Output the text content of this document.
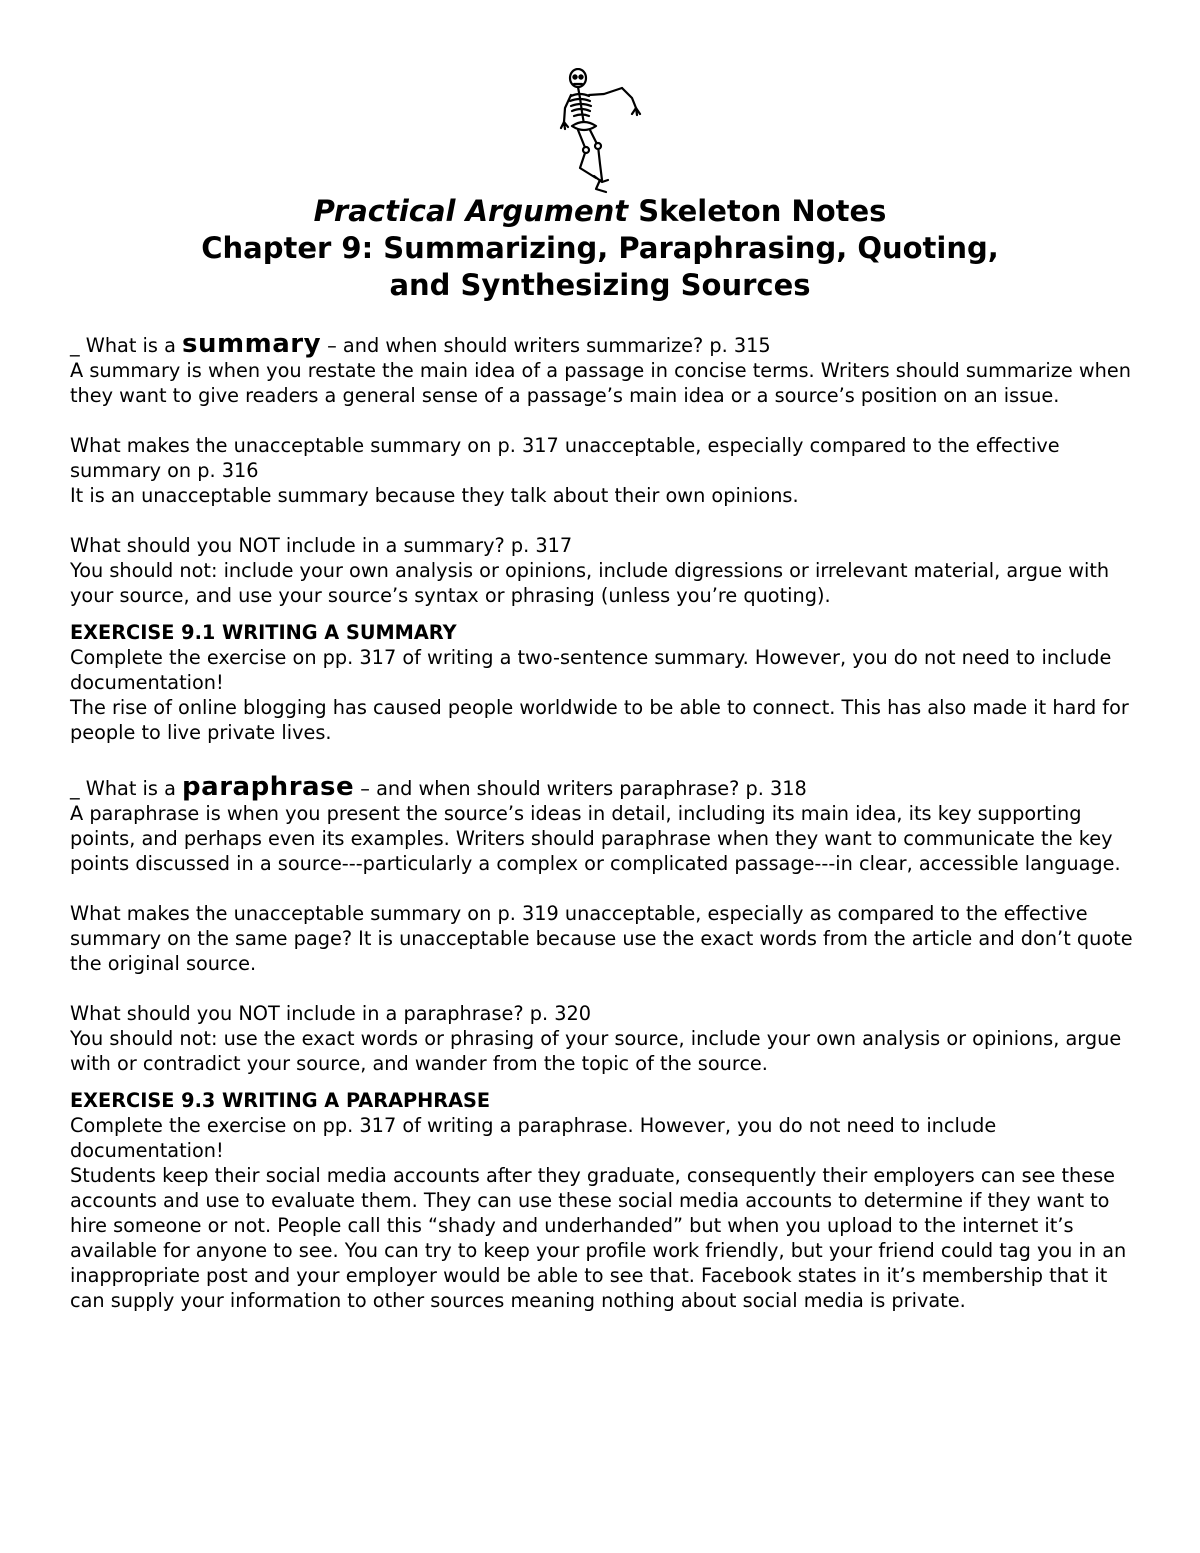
Practical Argument Skeleton Notes
Chapter 9: Summarizing, Paraphrasing, Quoting,
and Synthesizing Sources

_ What is a summary – and when should writers summarize? p. 315

A summary is when you restate the main idea of a passage in concise terms. Writers should summarize when they want to give readers a general sense of a passage’s main idea or a source’s position on an issue.

What makes the unacceptable summary on p. 317 unacceptable, especially compared to the effective summary on p. 316

It is an unacceptable summary because they talk about their own opinions.

What should you NOT include in a summary? p. 317

You should not: include your own analysis or opinions, include digressions or irrelevant material, argue with your source, and use your source’s syntax or phrasing (unless you’re quoting).

EXERCISE 9.1 WRITING A SUMMARY

Complete the exercise on pp. 317 of writing a two-sentence summary. However, you do not need to include documentation!

The rise of online blogging has caused people worldwide to be able to connect. This has also made it hard for people to live private lives.

_ What is a paraphrase – and when should writers paraphrase? p. 318

A paraphrase is when you present the source’s ideas in detail, including its main idea, its key supporting points, and perhaps even its examples. Writers should paraphrase when they want to communicate the key points discussed in a source---particularly a complex or complicated passage---in clear, accessible language.

What makes the unacceptable summary on p. 319 unacceptable, especially as compared to the effective summary on the same page? It is unacceptable because use the exact words from the article and don’t quote the original source.

What should you NOT include in a paraphrase? p. 320

You should not: use the exact words or phrasing of your source, include your own analysis or opinions, argue with or contradict your source, and wander from the topic of the source.

EXERCISE 9.3 WRITING A PARAPHRASE

Complete the exercise on pp. 317 of writing a paraphrase. However, you do not need to include documentation!

Students keep their social media accounts after they graduate, consequently their employers can see these accounts and use to evaluate them. They can use these social media accounts to determine if they want to hire someone or not. People call this “shady and underhanded” but when you upload to the internet it’s available for anyone to see. You can try to keep your profile work friendly, but your friend could tag you in an inappropriate post and your employer would be able to see that. Facebook states in it’s membership that it can supply your information to other sources meaning nothing about social media is private.
